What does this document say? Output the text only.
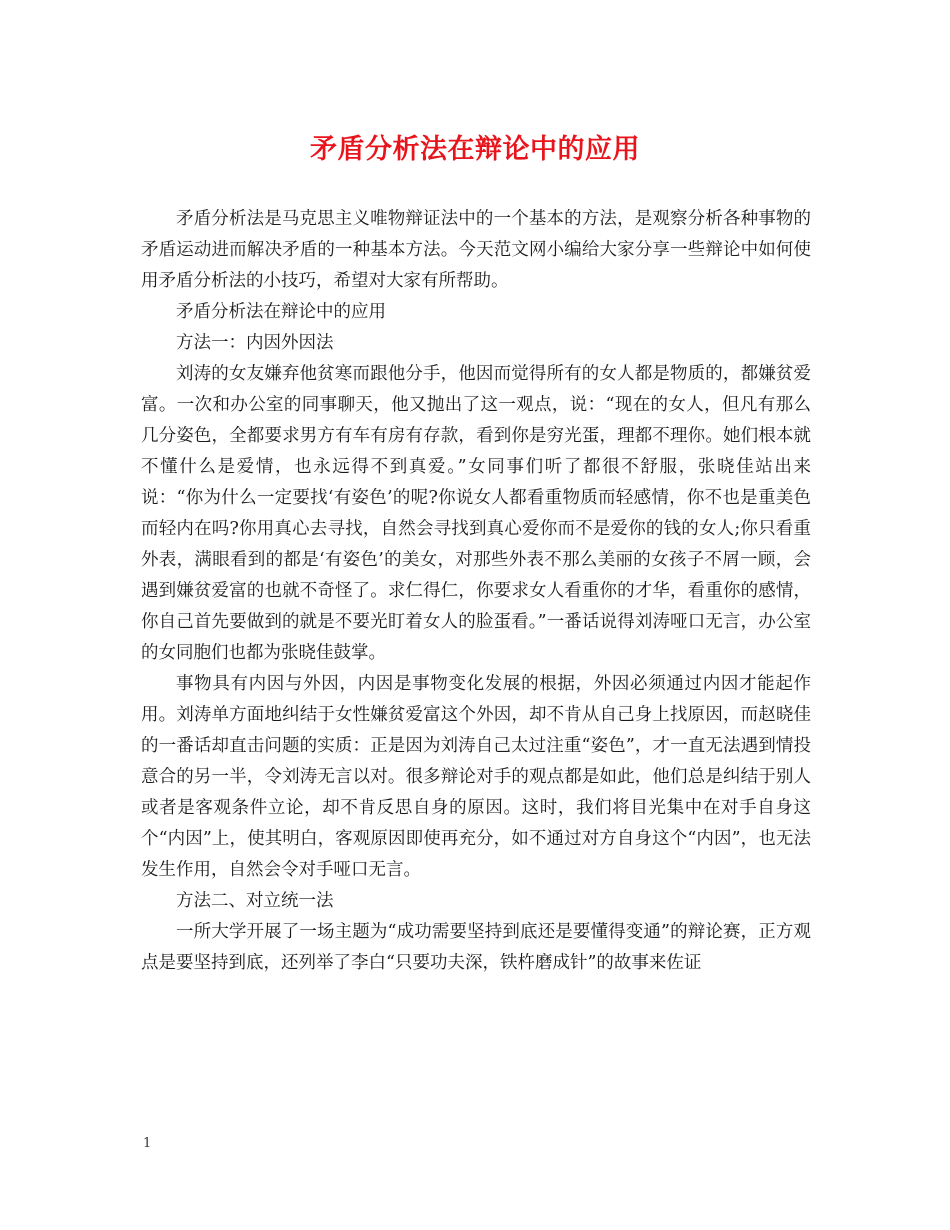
矛盾分析法在辩论中的应用

矛盾分析法是马克思主义唯物辩证法中的一个基本的方法，是观察分析各种事物的矛盾运动进而解决矛盾的一种基本方法。今天范文网小编给大家分享一些辩论中如何使用矛盾分析法的小技巧，希望对大家有所帮助。

矛盾分析法在辩论中的应用

方法一：内因外因法

刘涛的女友嫌弃他贫寒而跟他分手，他因而觉得所有的女人都是物质的，都嫌贫爱富。一次和办公室的同事聊天，他又抛出了这一观点，说：“现在的女人，但凡有那么几分姿色，全都要求男方有车有房有存款，看到你是穷光蛋，理都不理你。她们根本就不懂什么是爱情，也永远得不到真爱。”女同事们听了都很不舒服，张晓佳站出来说：“你为什么一定要找‘有姿色’的呢?你说女人都看重物质而轻感情，你不也是重美色而轻内在吗?你用真心去寻找，自然会寻找到真心爱你而不是爱你的钱的女人;你只看重外表，满眼看到的都是‘有姿色’的美女，对那些外表不那么美丽的女孩子不屑一顾，会遇到嫌贫爱富的也就不奇怪了。求仁得仁，你要求女人看重你的才华，看重你的感情，你自己首先要做到的就是不要光盯着女人的脸蛋看。”一番话说得刘涛哑口无言，办公室的女同胞们也都为张晓佳鼓掌。

事物具有内因与外因，内因是事物变化发展的根据，外因必须通过内因才能起作用。刘涛单方面地纠结于女性嫌贫爱富这个外因，却不肯从自己身上找原因，而赵晓佳的一番话却直击问题的实质：正是因为刘涛自己太过注重“姿色”，才一直无法遇到情投意合的另一半，令刘涛无言以对。很多辩论对手的观点都是如此，他们总是纠结于别人或者是客观条件立论，却不肯反思自身的原因。这时，我们将目光集中在对手自身这个“内因”上，使其明白，客观原因即使再充分，如不通过对方自身这个“内因”，也无法发生作用，自然会令对手哑口无言。

方法二、对立统一法

一所大学开展了一场主题为“成功需要坚持到底还是要懂得变通”的辩论赛，正方观点是要坚持到底，还列举了李白“只要功夫深，铁杵磨成针”的故事来佐证

1
